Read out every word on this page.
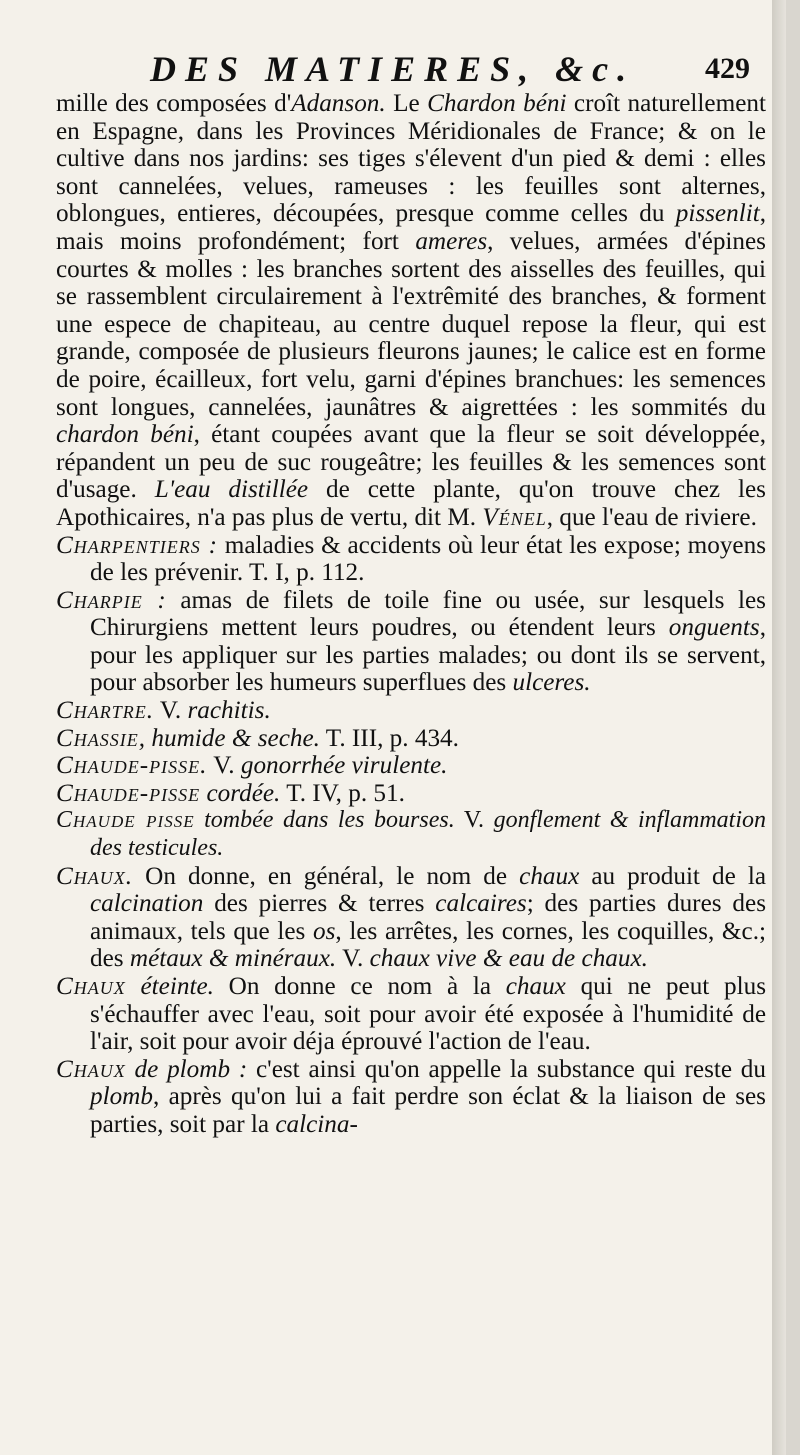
DES MATIERES, &c. 429

mille des composées d'Adanson. Le Chardon béni croît naturellement en Espagne, dans les Provinces Méridionales de France; & on le cultive dans nos jardins: ses tiges s'élevent d'un pied & demi : elles sont cannelées, velues, rameuses : les feuilles sont alternes, oblongues, entieres, découpées, presque comme celles du pissenlit, mais moins profondément; fort ameres, velues, armées d'épines courtes & molles : les branches sortent des aisselles des feuilles, qui se rassemblent circulairement à l'extrêmité des branches, & forment une espece de chapiteau, au centre duquel repose la fleur, qui est grande, composée de plusieurs fleurons jaunes; le calice est en forme de poire, écailleux, fort velu, garni d'épines branchues: les semences sont longues, cannelées, jaunâtres & aigrettées : les sommités du chardon béni, étant coupées avant que la fleur se soit développée, répandent un peu de suc rougeâtre; les feuilles & les semences sont d'usage. L'eau distillée de cette plante, qu'on trouve chez les Apothicaires, n'a pas plus de vertu, dit M. Vénel, que l'eau de riviere.

Charpentiers : maladies & accidents où leur état les expose; moyens de les prévenir. T. I, p. 112.

Charpie : amas de filets de toile fine ou usée, sur lesquels les Chirurgiens mettent leurs poudres, ou étendent leurs onguents, pour les appliquer sur les parties malades; ou dont ils se servent, pour absorber les humeurs superflues des ulceres.

Chartre. V. rachitis.

Chassie, humide & seche. T. III, p. 434.

Chaude-pisse. V. gonorrhée virulente.

Chaude-pisse cordée. T. IV, p. 51.

Chaude pisse tombée dans les bourses. V. gonflement & inflammation des testicules.

Chaux. On donne, en général, le nom de chaux au produit de la calcination des pierres & terres calcaires; des parties dures des animaux, tels que les os, les arrêtes, les cornes, les coquilles, &c.; des métaux & minéraux. V. chaux vive & eau de chaux.

Chaux éteinte. On donne ce nom à la chaux qui ne peut plus s'échauffer avec l'eau, soit pour avoir été exposée à l'humidité de l'air, soit pour avoir déja éprouvé l'action de l'eau.

Chaux de plomb : c'est ainsi qu'on appelle la substance qui reste du plomb, après qu'on lui a fait perdre son éclat & la liaison de ses parties, soit par la calcina-
